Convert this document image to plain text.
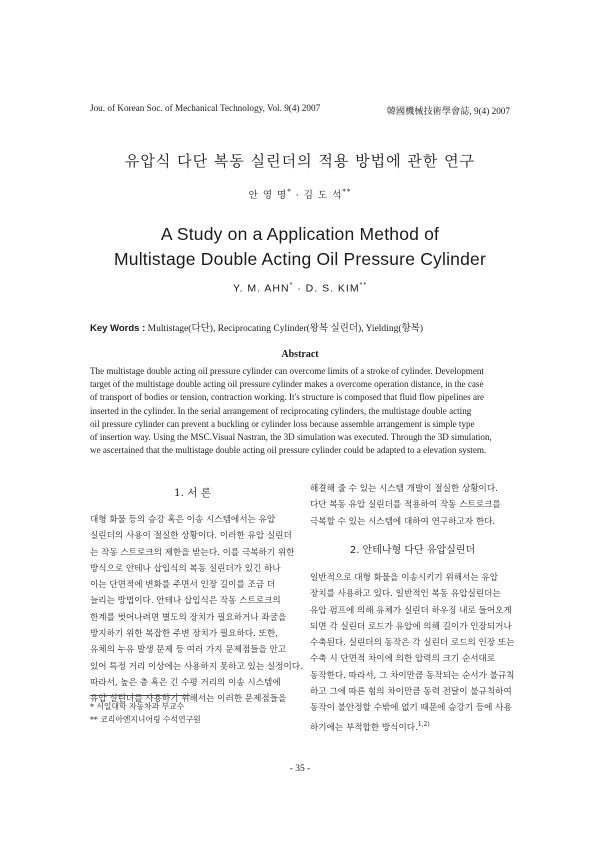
Jou. of Korean Soc. of Mechanical Technology, Vol. 9(4) 2007	韓國機械技術學會誌, 9(4) 2007
유압식 다단 복동 실린더의 적용 방법에 관한 연구
안 영 명* · 김 도 석**
A Study on a Application Method of
Multistage Double Acting Oil Pressure Cylinder
Y. M. AHN* · D. S. KIM**
Key Words : Multistage(다단), Reciprocating Cylinder(왕복 실린더), Yielding(항복)
Abstract
The multistage double acting oil pressure cylinder can overcome limits of a stroke of cylinder. Development
target of the multistage double acting oil pressure cylinder makes a overcome operation distance, in the case
of transport of bodies or tension, contraction working. It's structure is composed that fluid flow pipelines are
inserted in the cylinder. In the serial arrangement of reciprocating cylinders, the multistage double acting
oil pressure cylinder can prevent a buckling or cylinder loss because assemble arrangement is simple type
of insertion way. Using the MSC.Visual Nastran, the 3D simulation was executed. Through the 3D simulation,
we ascertained that the multistage double acting oil pressure cylinder could be adapted to a elevation system.
1. 서 론
대형 화물 등의 승강 혹은 이송 시스템에서는 유압
실린더의 사용이 절실한 상황이다. 이러한 유압 실린더
는 작동 스트로크의 제한을 받는다. 이를 극복하기 위한
방식으로 안테나 삽입식의 복동 실린더가 있긴 하나
이는 단면적에 변화를 주면서 인장 길이를 조금 더
늘리는 방법이다. 안테나 삽입식은 작동 스트로크의
한계를 벗어나려면 별도의 장치가 필요하거나 좌굴을
방지하기 위한 복잡한 주변 장치가 필요하다. 또한,
유체의 누유 발생 문제 등 여러 가지 문제점들을 안고
있어 특정 거리 이상에는 사용하지 못하고 있는 실정이다.
따라서, 높은 층 혹은 긴 수평 거리의 이송 시스템에
유압 실린더를 사용하기 위해서는 이러한 문제점들을
해결해 줄 수 있는 시스템 개발이 절실한 상황이다.
다단 복동 유압 실린더를 적용하여 작동 스트로크를
극복할 수 있는 시스템에 대하여 연구하고자 한다.
2. 안테나형 다단 유압실린더
일반적으로 대형 화물을 이송시키기 위해서는 유압
장치를 사용하고 있다. 일반적인 복동 유압실린더는
유압 펌프에 의해 유체가 실린더 하우징 내로 들어오게
되면 각 실린더 로드가 유압에 의해 길이가 인장되거나
수축된다. 실린더의 동작은 각 실린더 로드의 인장 또는
수축 시 단면적 차이에 의한 압력의 크기 순서대로
동작한다. 따라서, 그 차이만큼 동작되는 순서가 불규칙
하고 그에 따른 힘의 차이만큼 동력 전달이 불규칙하여
동작이 불안정할 수밖에 없기 때문에 승강기 등에 사용
하기에는 부적합한 방식이다.$^{1,2)}$
* 서일대학 자동차과 부교수
** 코리아엔지니어링 수석연구원
- 35 -
